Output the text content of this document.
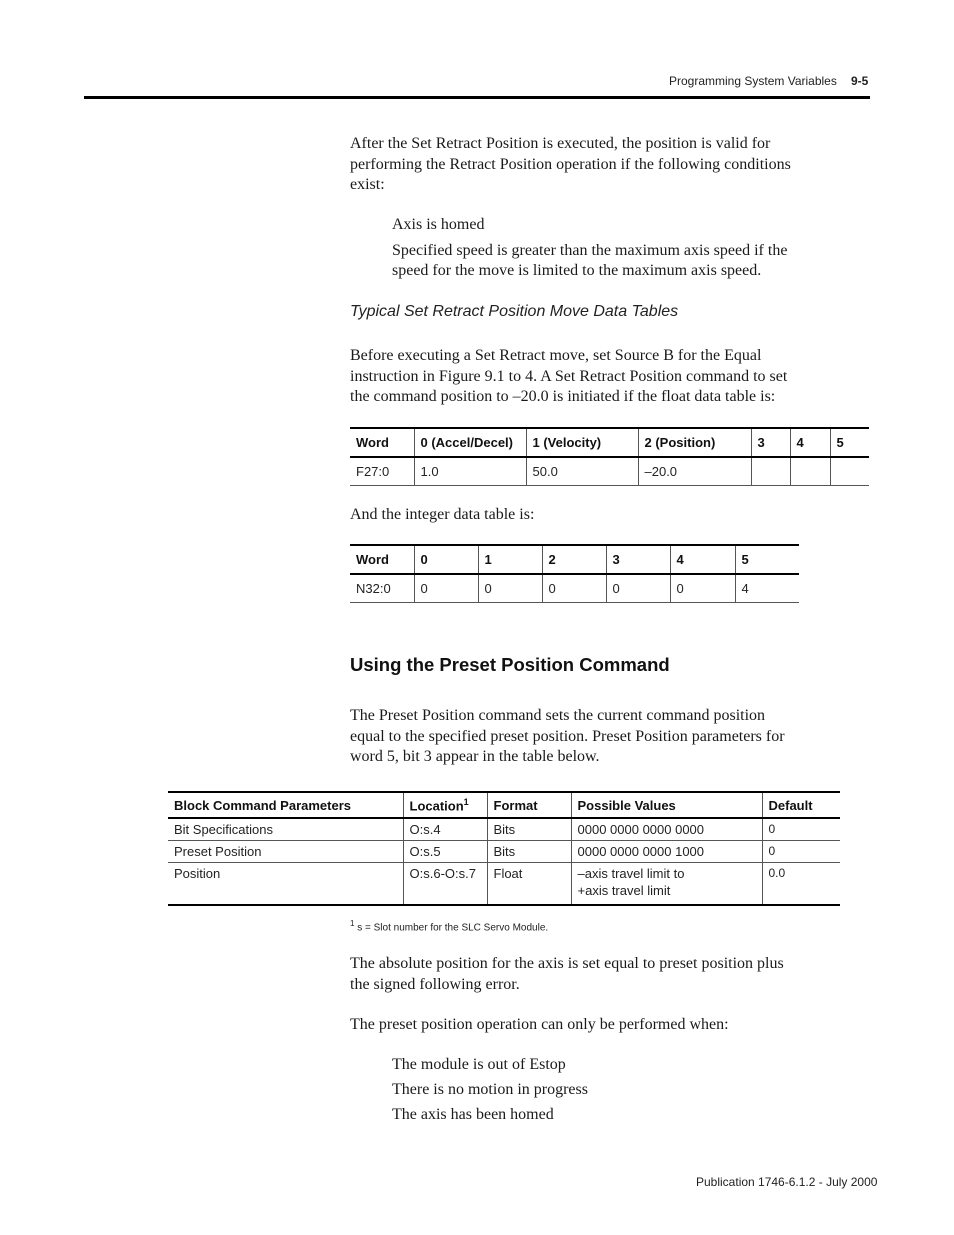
Programming System Variables 9-5
After the Set Retract Position is executed, the position is valid for
performing the Retract Position operation if the following conditions
exist:
Axis is homed
Specified speed is greater than the maximum axis speed if the
speed for the move is limited to the maximum axis speed.
Typical Set Retract Position Move Data Tables
Before executing a Set Retract move, set Source B for the Equal
instruction in Figure 9.1 to 4. A Set Retract Position command to set
the command position to –20.0 is initiated if the float data table is:
Word	0 (Accel/Decel)	1 (Velocity)	2 (Position)	3	4	5
F27:0	1.0	50.0	–20.0			
And the integer data table is:
Word	0	1	2	3	4	5
N32:0	0	0	0	0	0	4
Using the Preset Position Command
The Preset Position command sets the current command position
equal to the specified preset position. Preset Position parameters for
word 5, bit 3 appear in the table below.
Block Command Parameters	Location$^1$	Format	Possible Values	Default
Bit Specifications	O:s.4	Bits	0000 0000 0000 0000	0
Preset Position	O:s.5	Bits	0000 0000 0000 1000	0
Position	O:s.6-O:s.7	Float	–axis travel limit to
+axis travel limit	0.0
$^1$ s = Slot number for the SLC Servo Module.
The absolute position for the axis is set equal to preset position plus
the signed following error.
The preset position operation can only be performed when:
The module is out of Estop
There is no motion in progress
The axis has been homed
Publication 1746-6.1.2 - July 2000
